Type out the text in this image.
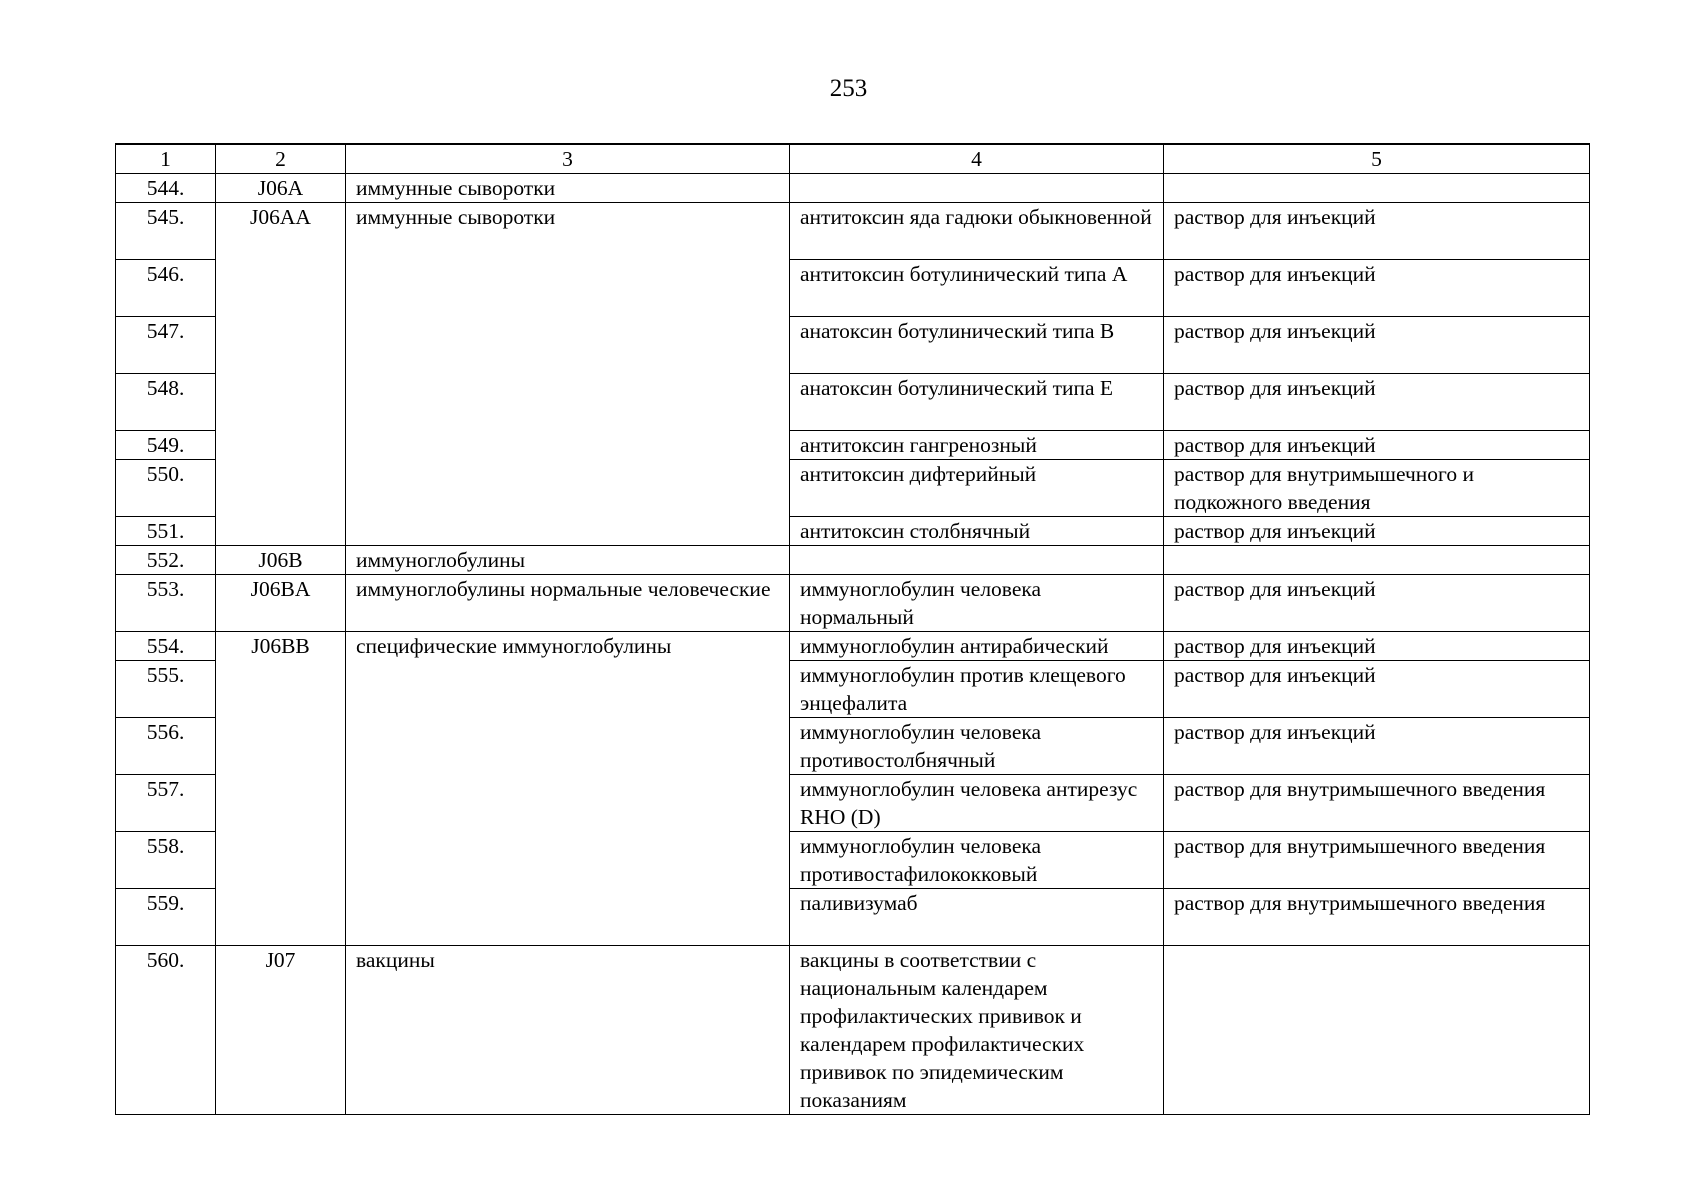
253

1	2	3	4	5
544.	J06A	иммунные сыворотки		
545.	J06AA	иммунные сыворотки	антитоксин яда гадюки обыкновенной	раствор для инъекций
546.			антитоксин ботулинический типа А	раствор для инъекций
547.			анатоксин ботулинический типа В	раствор для инъекций
548.			анатоксин ботулинический типа Е	раствор для инъекций
549.			антитоксин гангренозный	раствор для инъекций
550.			антитоксин дифтерийный	раствор для внутримышечного и подкожного введения
551.			антитоксин столбнячный	раствор для инъекций
552.	J06B	иммуноглобулины		
553.	J06BA	иммуноглобулины нормальные человеческие	иммуноглобулин человека нормальный	раствор для инъекций
554.	J06BB	специфические иммуноглобулины	иммуноглобулин антирабический	раствор для инъекций
555.			иммуноглобулин против клещевого энцефалита	раствор для инъекций
556.			иммуноглобулин человека противостолбнячный	раствор для инъекций
557.			иммуноглобулин человека антирезус RHO (D)	раствор для внутримышечного введения
558.			иммуноглобулин человека противостафилококковый	раствор для внутримышечного введения
559.			паливизумаб	раствор для внутримышечного введения
560.	J07	вакцины	вакцины в соответствии с национальным календарем профилактических прививок и календарем профилактических прививок по эпидемическим показаниям	
